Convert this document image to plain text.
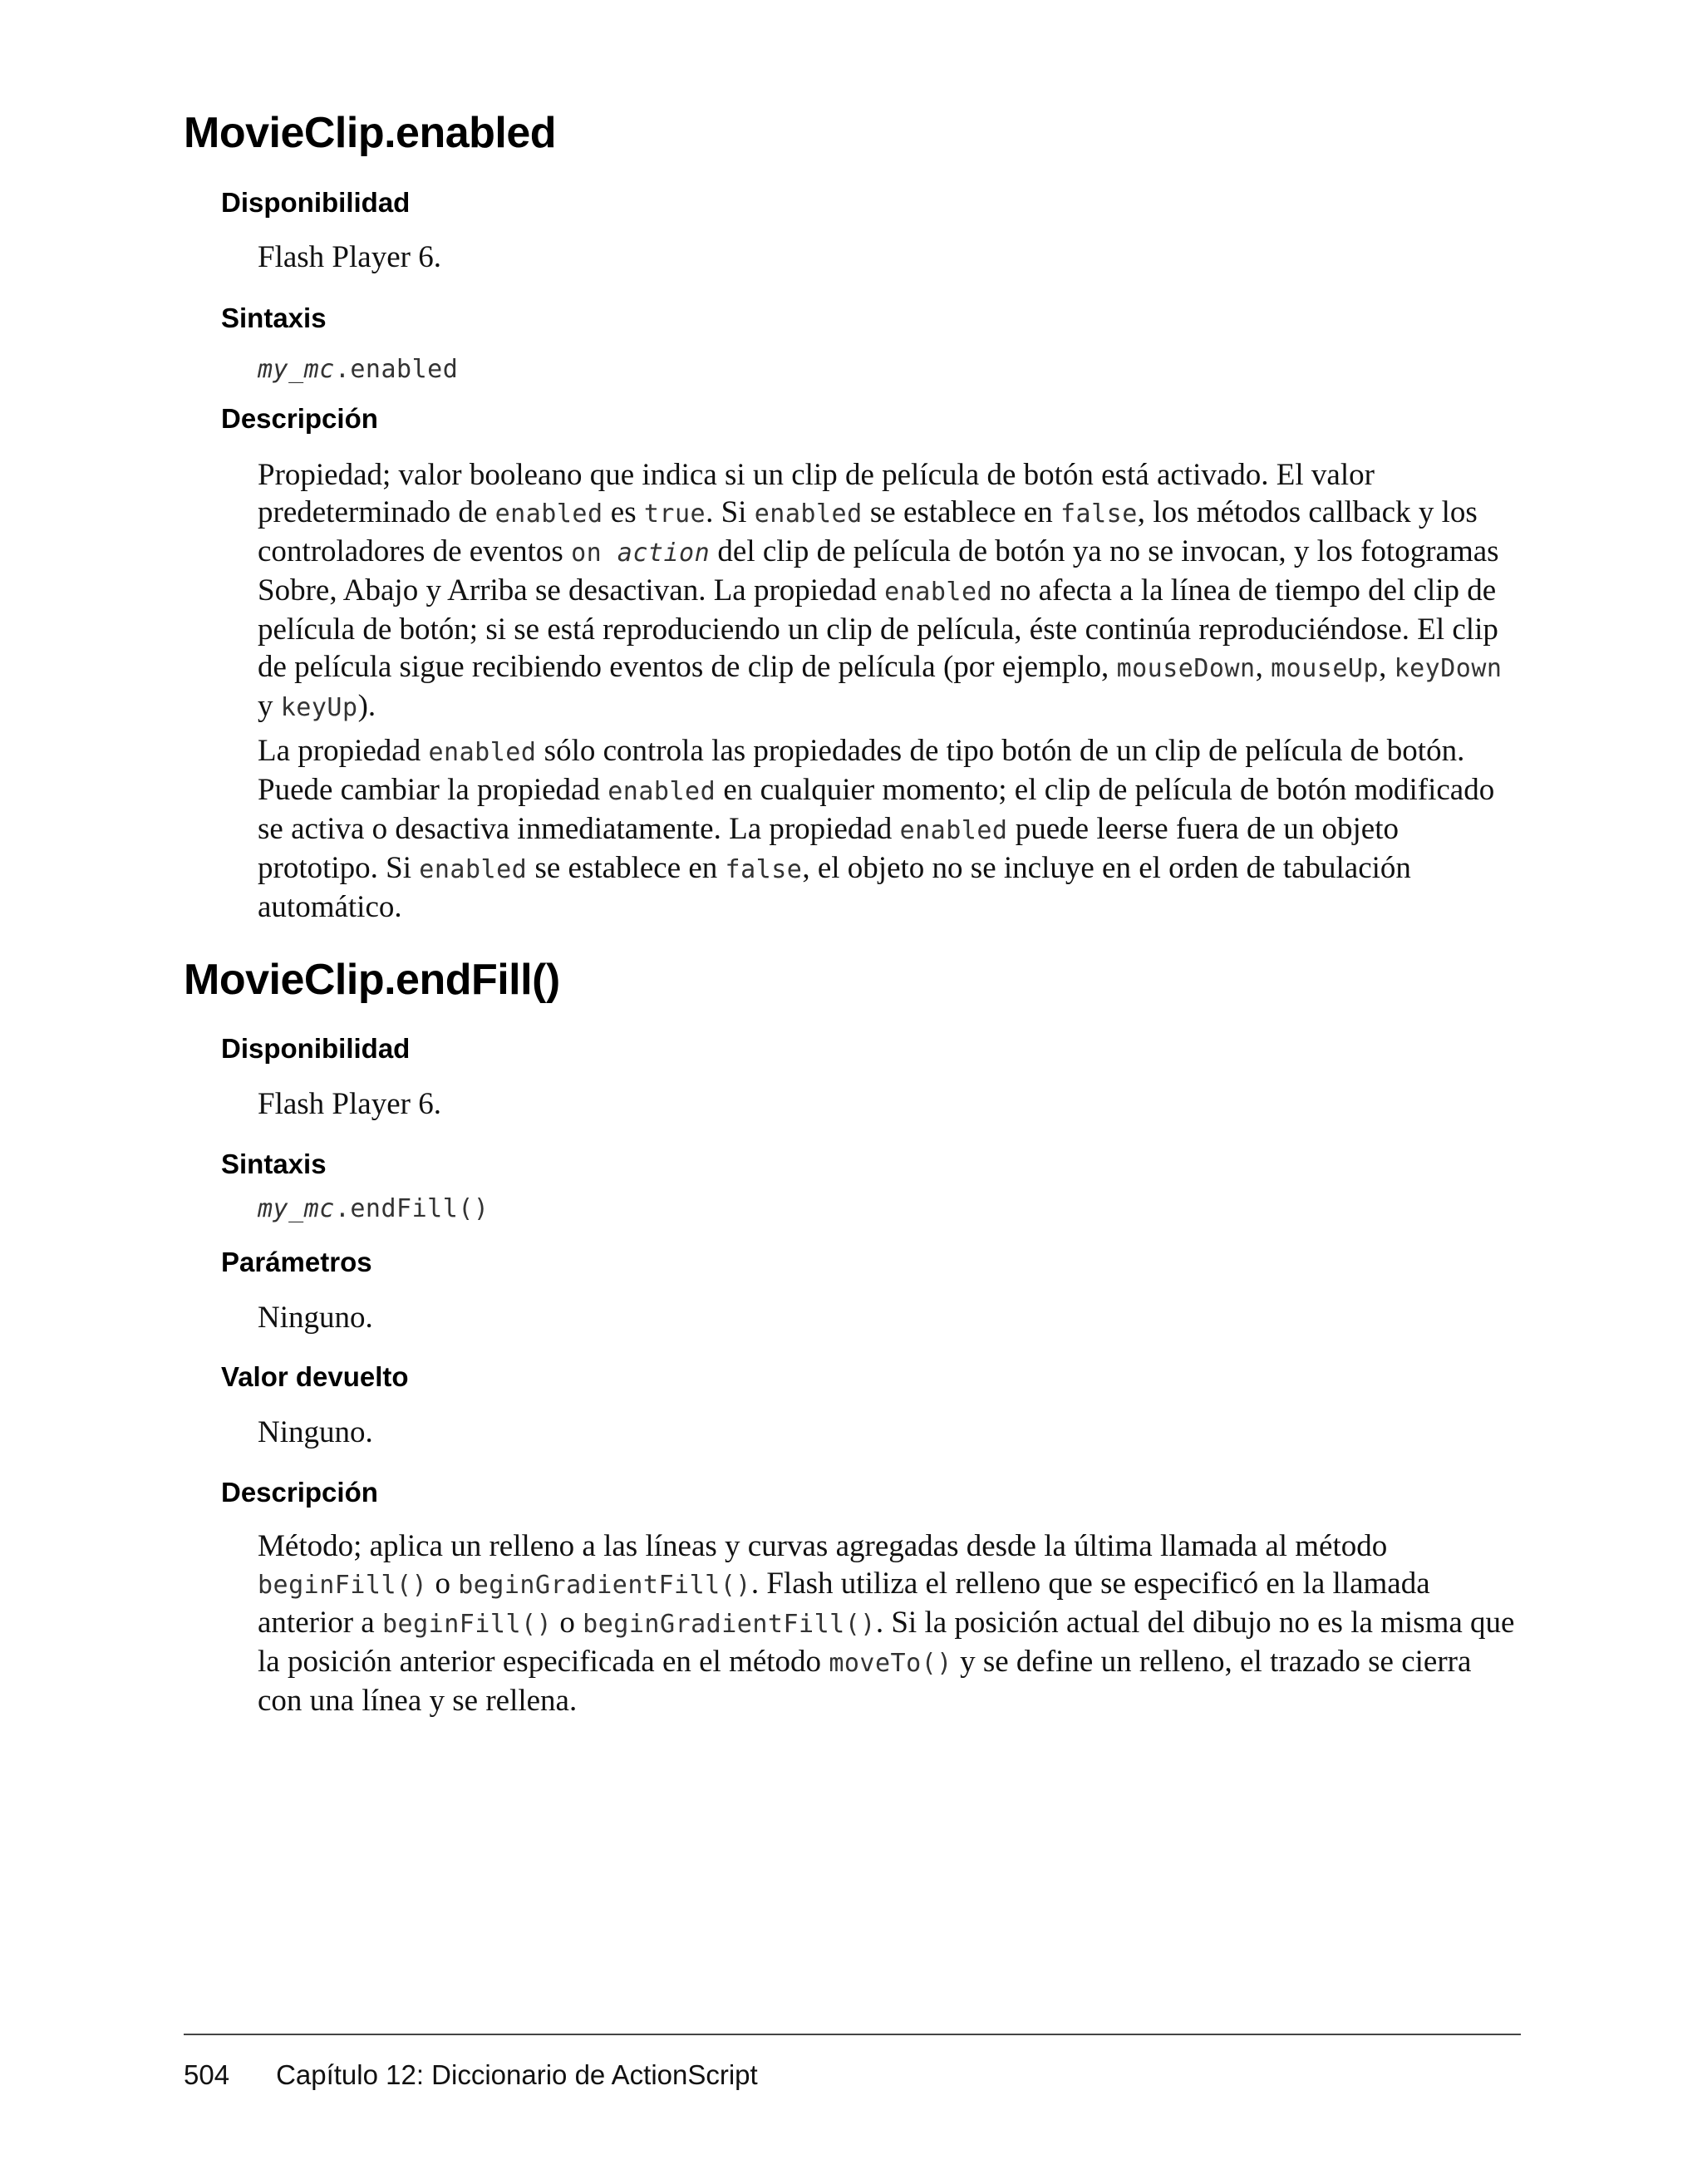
MovieClip.enabled
Disponibilidad
Flash Player 6.
Sintaxis
my_mc.enabled
Descripción

Propiedad; valor booleano que indica si un clip de película de botón está activado. El valor predeterminado de enabled es true. Si enabled se establece en false, los métodos callback y los controladores de eventos on action del clip de película de botón ya no se invocan, y los fotogramas Sobre, Abajo y Arriba se desactivan. La propiedad enabled no afecta a la línea de tiempo del clip de película de botón; si se está reproduciendo un clip de película, éste continúa reproduciéndose. El clip de película sigue recibiendo eventos de clip de película (por ejemplo, mouseDown, mouseUp, keyDown y keyUp).

La propiedad enabled sólo controla las propiedades de tipo botón de un clip de película de botón. Puede cambiar la propiedad enabled en cualquier momento; el clip de película de botón modificado se activa o desactiva inmediatamente. La propiedad enabled puede leerse fuera de un objeto prototipo. Si enabled se establece en false, el objeto no se incluye en el orden de tabulación automático.

MovieClip.endFill()
Disponibilidad
Flash Player 6.
Sintaxis
my_mc.endFill()
Parámetros
Ninguno.
Valor devuelto
Ninguno.
Descripción

Método; aplica un relleno a las líneas y curvas agregadas desde la última llamada al método beginFill() o beginGradientFill(). Flash utiliza el relleno que se especificó en la llamada anterior a beginFill() o beginGradientFill(). Si la posición actual del dibujo no es la misma que la posición anterior especificada en el método moveTo() y se define un relleno, el trazado se cierra con una línea y se rellena.

504 Capítulo 12: Diccionario de ActionScript
